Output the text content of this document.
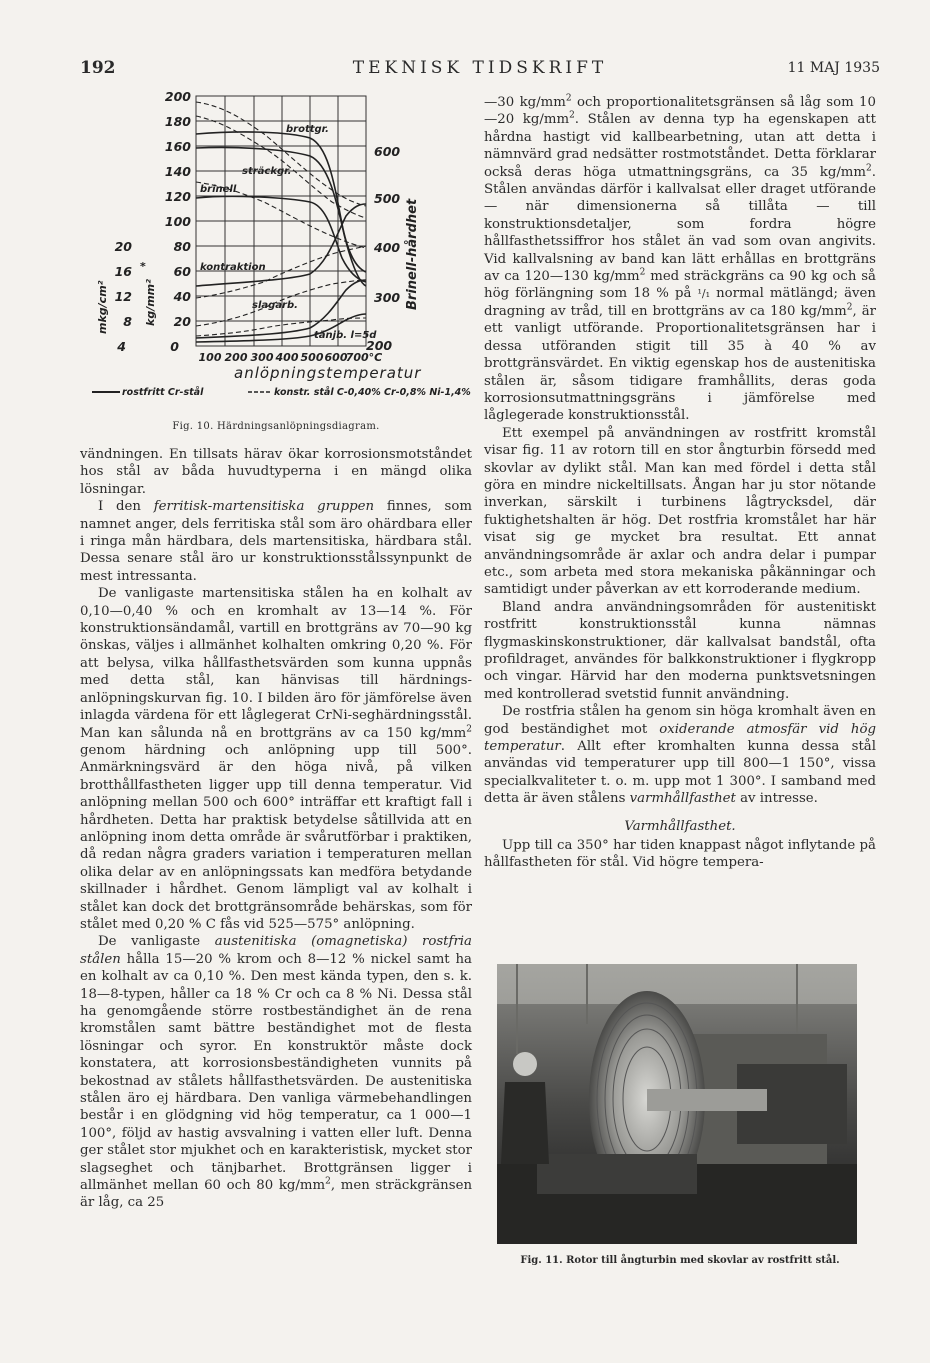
192	TEKNISK TIDSKRIFT	11 MAJ 1935
200
180
160
140
120
100
80
60
40
20
0
20
16
12
8
4
600
500
400
300
200
100 200 300 400 500 600
700°C
kg/mm²
mkg/cm²
*	Brinell-hårdhet
brottgr.
sträckgr.
brinell
kontraktion
slagarb.
tänjb. l=5d
anlöpningstemperatur
rostfritt Cr-stål	konstr. stål C-0,40% Cr-0,8% Ni-1,4%
Fig. 10. Härdningsanlöpningsdiagram.

vändningen. En tillsats härav ökar korrosionsmotståndet hos stål av båda huvudtyperna i en mängd olika lösningar.

I den ferritisk-martensitiska gruppen finnes, som namnet anger, dels ferritiska stål som äro ohärdbara eller i ringa mån härdbara, dels martensitiska, härdbara stål. Dessa senare stål äro ur konstruktionsstålssynpunkt de mest intressanta.

De vanligaste martensitiska stålen ha en kolhalt av 0,10—0,40 % och en kromhalt av 13—14 %. För konstruktionsändamål, vartill en brottgräns av 70—90 kg önskas, väljes i allmänhet kolhalten omkring 0,20 %. För att belysa, vilka hållfasthetsvärden som kunna uppnås med detta stål, kan hänvisas till härdnings-anlöpningskurvan fig. 10. I bilden äro för jämförelse även inlagda värdena för ett låglegerat CrNi-seghärdningsstål. Man kan sålunda nå en brottgräns av ca 150 $kg/mm^2$ genom härdning och anlöpning upp till 500°. Anmärkningsvärd är den höga nivå, på vilken brotthållfastheten ligger upp till denna temperatur. Vid anlöpning mellan 500 och 600° inträffar ett kraftigt fall i hårdheten. Detta har praktisk betydelse såtillvida att en anlöpning inom detta område är svårutförbar i praktiken, då redan några graders variation i temperaturen mellan olika delar av en anlöpningssats kan medföra betydande skillnader i hårdhet. Genom lämpligt val av kolhalt i stålet kan dock det brottgränsområde behärskas, som för stålet med 0,20 % C fås vid 525—575° anlöpning.

De vanligaste austenitiska (omagnetiska) rostfria stålen hålla 15—20 % krom och 8—12 % nickel samt ha en kolhalt av ca 0,10 %. Den mest kända typen, den s. k. 18—8-typen, håller ca 18 % Cr och ca 8 % Ni. Dessa stål ha genomgående större rostbeständighet än de rena kromstålen samt bättre beständighet mot de flesta lösningar och syror. En konstruktör måste dock konstatera, att korrosionsbeständigheten vunnits på bekostnad av stålets hållfasthetsvärden. De austenitiska stålen äro ej härdbara. Den vanliga värmebehandlingen består i en glödgning vid hög temperatur, ca 1 000—1 100°, följd av hastig avsvalning i vatten eller luft. Denna ger stålet stor mjukhet och en karakteristisk, mycket stor slagseghet och tänjbarhet. Brottgränsen ligger i allmänhet mellan 60 och 80 $kg/mm^2$, men sträckgränsen är låg, ca 25

—30 $kg/mm^2$ och proportionalitetsgränsen så låg som 10—20 $kg/mm^2$. Stålen av denna typ ha egenskapen att hårdna hastigt vid kallbearbetning, utan att detta i nämnvärd grad nedsätter rostmotståndet. Detta förklarar också deras höga utmattningsgräns, ca 35 $kg/mm^2$. Stålen användas därför i kallvalsat eller draget utförande — när dimensionerna så tillåta — till konstruktionsdetaljer, som fordra högre hållfasthetssiffror hos stålet än vad som ovan angivits. Vid kallvalsning av band kan lätt erhållas en brottgräns av ca 120—130 $kg/mm^2$ med sträckgräns ca 90 kg och så hög förlängning som 18 % på ¹/₁ normal mätlängd; även dragning av tråd, till en brottgräns av ca 180 $kg/mm^2$, är ett vanligt utförande. Proportionalitetsgränsen har i dessa utföranden stigit till 35 à 40 % av brottgränsvärdet. En viktig egenskap hos de austenitiska stålen är, såsom tidigare framhållits, deras goda korrosionsutmattningsgräns i jämförelse med låglegerade konstruktionsstål.

Ett exempel på användningen av rostfritt kromstål visar fig. 11 av rotorn till en stor ångturbin försedd med skovlar av dylikt stål. Man kan med fördel i detta stål göra en mindre nickeltillsats. Ångan har ju stor nötande inverkan, särskilt i turbinens lågtrycksdel, där fuktighetshalten är hög. Det rostfria kromstålet har här visat sig ge mycket bra resultat. Ett annat användningsområde är axlar och andra delar i pumpar etc., som arbeta med stora mekaniska påkänningar och samtidigt under påverkan av ett korroderande medium.

Bland andra användningsområden för austenitiskt rostfritt konstruktionsstål kunna nämnas flygmaskinskonstruktioner, där kallvalsat bandstål, ofta profildraget, användes för balkkonstruktioner i flygkropp och vingar. Härvid har den moderna punktsvetsningen med kontrollerad svetstid funnit användning.

De rostfria stålen ha genom sin höga kromhalt även en god beständighet mot oxiderande atmosfär vid hög temperatur. Allt efter kromhalten kunna dessa stål användas vid temperaturer upp till 800—1 150°, vissa specialkvaliteter t. o. m. upp mot 1 300°. I samband med detta är även stålens varmhållfasthet av intresse.

Varmhållfasthet.

Upp till ca 350° har tiden knappast något inflytande på hållfastheten för stål. Vid högre tempera-

Fig. 11. Rotor till ångturbin med skovlar av rostfritt stål.
